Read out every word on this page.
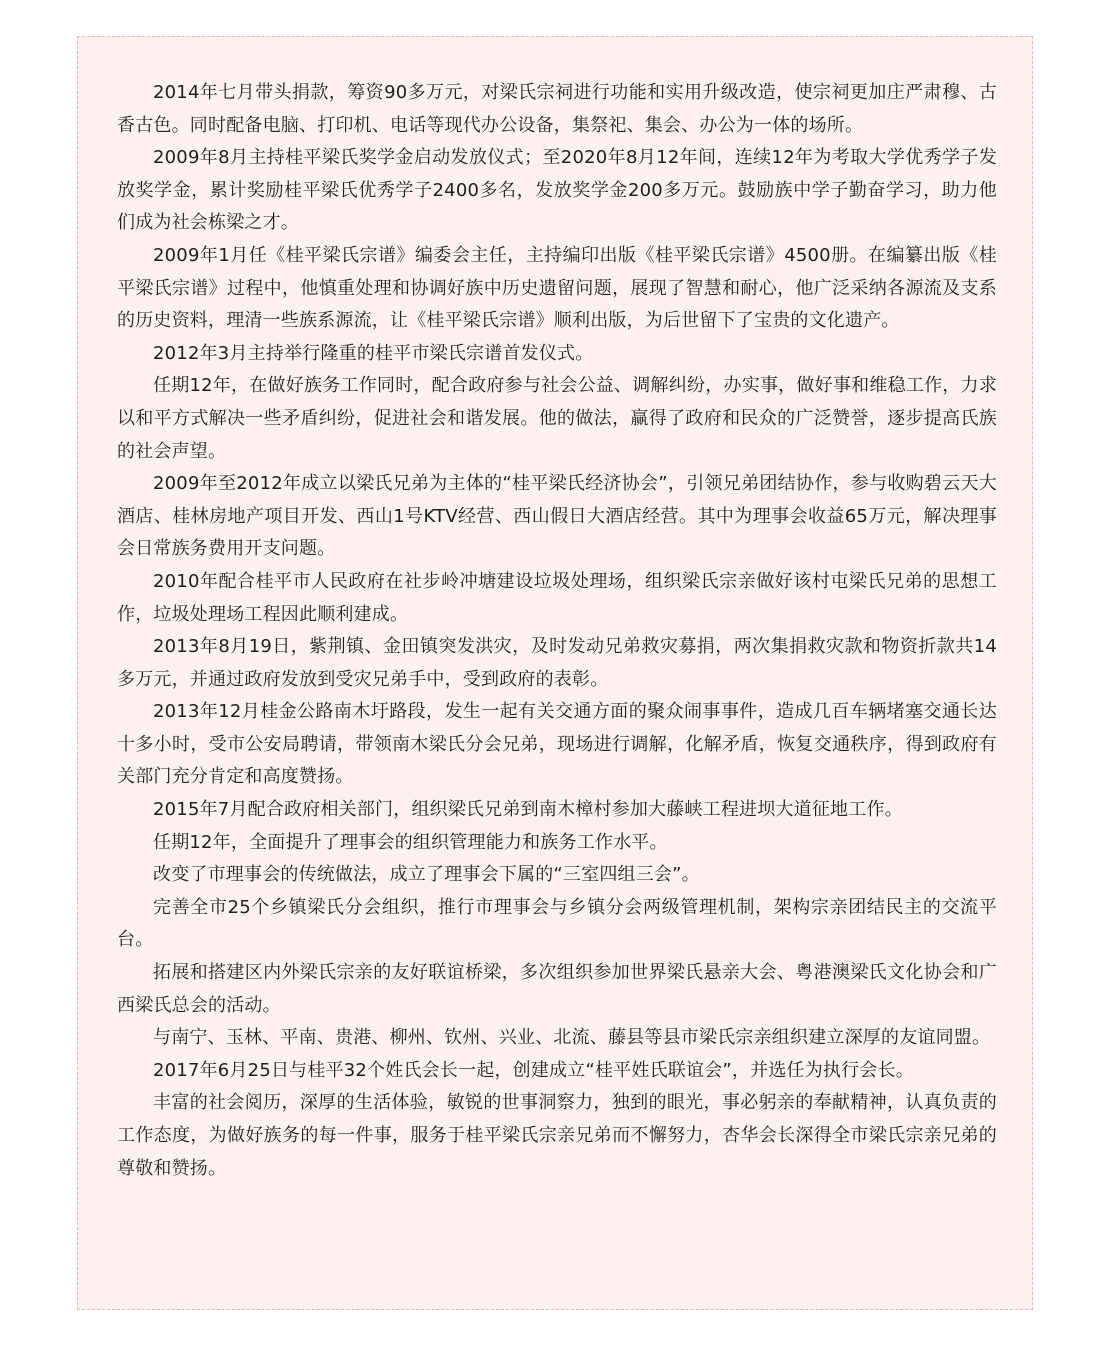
2014年七月带头捐款，筹资90多万元，对梁氏宗祠进行功能和实用升级改造，使宗祠更加庄严肃穆、古香古色。同时配备电脑、打印机、电话等现代办公设备，集祭祀、集会、办公为一体的场所。

2009年8月主持桂平梁氏奖学金启动发放仪式；至2020年8月12年间，连续12年为考取大学优秀学子发放奖学金，累计奖励桂平梁氏优秀学子2400多名，发放奖学金200多万元。鼓励族中学子勤奋学习，助力他们成为社会栋梁之才。

2009年1月任《桂平梁氏宗谱》编委会主任，主持编印出版《桂平梁氏宗谱》4500册。在编纂出版《桂平梁氏宗谱》过程中，他慎重处理和协调好族中历史遗留问题，展现了智慧和耐心，他广泛采纳各源流及支系的历史资料，理清一些族系源流，让《桂平梁氏宗谱》顺利出版，为后世留下了宝贵的文化遗产。

2012年3月主持举行隆重的桂平市梁氏宗谱首发仪式。

任期12年，在做好族务工作同时，配合政府参与社会公益、调解纠纷，办实事，做好事和维稳工作，力求以和平方式解决一些矛盾纠纷，促进社会和谐发展。他的做法，赢得了政府和民众的广泛赞誉，逐步提高氏族的社会声望。

2009年至2012年成立以梁氏兄弟为主体的“桂平梁氏经济协会”，引领兄弟团结协作，参与收购碧云天大酒店、桂林房地产项目开发、西山1号KTV经营、西山假日大酒店经营。其中为理事会收益65万元，解决理事会日常族务费用开支问题。

2010年配合桂平市人民政府在社步岭冲塘建设垃圾处理场，组织梁氏宗亲做好该村屯梁氏兄弟的思想工作，垃圾处理场工程因此顺利建成。

2013年8月19日，紫荆镇、金田镇突发洪灾，及时发动兄弟救灾募捐，两次集捐救灾款和物资折款共14多万元，并通过政府发放到受灾兄弟手中，受到政府的表彰。

2013年12月桂金公路南木圩路段，发生一起有关交通方面的聚众闹事事件，造成几百车辆堵塞交通长达十多小时，受市公安局聘请，带领南木梁氏分会兄弟，现场进行调解，化解矛盾，恢复交通秩序，得到政府有关部门充分肯定和高度赞扬。

2015年7月配合政府相关部门，组织梁氏兄弟到南木樟村参加大藤峡工程进坝大道征地工作。

任期12年，全面提升了理事会的组织管理能力和族务工作水平。

改变了市理事会的传统做法，成立了理事会下属的“三室四组三会”。

完善全市25个乡镇梁氏分会组织，推行市理事会与乡镇分会两级管理机制，架构宗亲团结民主的交流平台。

拓展和搭建区内外梁氏宗亲的友好联谊桥梁，多次组织参加世界梁氏悬亲大会、粤港澳梁氏文化协会和广西梁氏总会的活动。

与南宁、玉林、平南、贵港、柳州、钦州、兴业、北流、藤县等县市梁氏宗亲组织建立深厚的友谊同盟。

2017年6月25日与桂平32个姓氏会长一起，创建成立“桂平姓氏联谊会”，并选任为执行会长。

丰富的社会阅历，深厚的生活体验，敏锐的世事洞察力，独到的眼光，事必躬亲的奉献精神，认真负责的工作态度，为做好族务的每一件事，服务于桂平梁氏宗亲兄弟而不懈努力，杏华会长深得全市梁氏宗亲兄弟的尊敬和赞扬。
